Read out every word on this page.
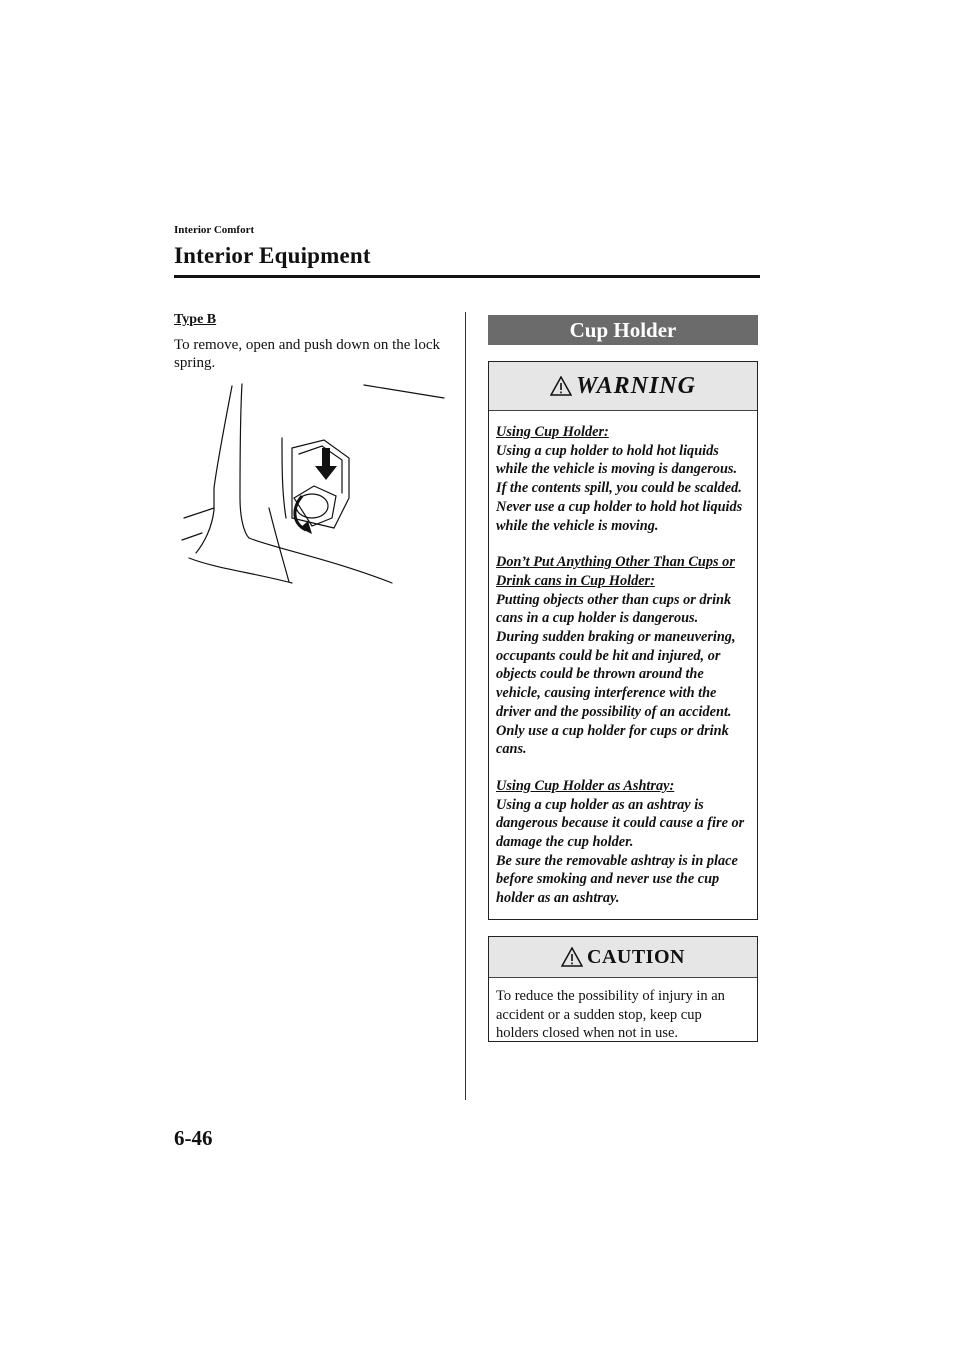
Interior Comfort
Interior Equipment
Type B
To remove, open and push down on the lock spring.
Cup Holder
WARNING
Using Cup Holder:
Using a cup holder to hold hot liquids while the vehicle is moving is dangerous. If the contents spill, you could be scalded. Never use a cup holder to hold hot liquids while the vehicle is moving.
Don’t Put Anything Other Than Cups or Drink cans in Cup Holder:
Putting objects other than cups or drink cans in a cup holder is dangerous.
During sudden braking or maneuvering, occupants could be hit and injured, or objects could be thrown around the vehicle, causing interference with the driver and the possibility of an accident. Only use a cup holder for cups or drink cans.
Using Cup Holder as Ashtray:
Using a cup holder as an ashtray is dangerous because it could cause a fire or damage the cup holder.
Be sure the removable ashtray is in place before smoking and never use the cup holder as an ashtray.
CAUTION
To reduce the possibility of injury in an accident or a sudden stop, keep cup holders closed when not in use.
6-46
